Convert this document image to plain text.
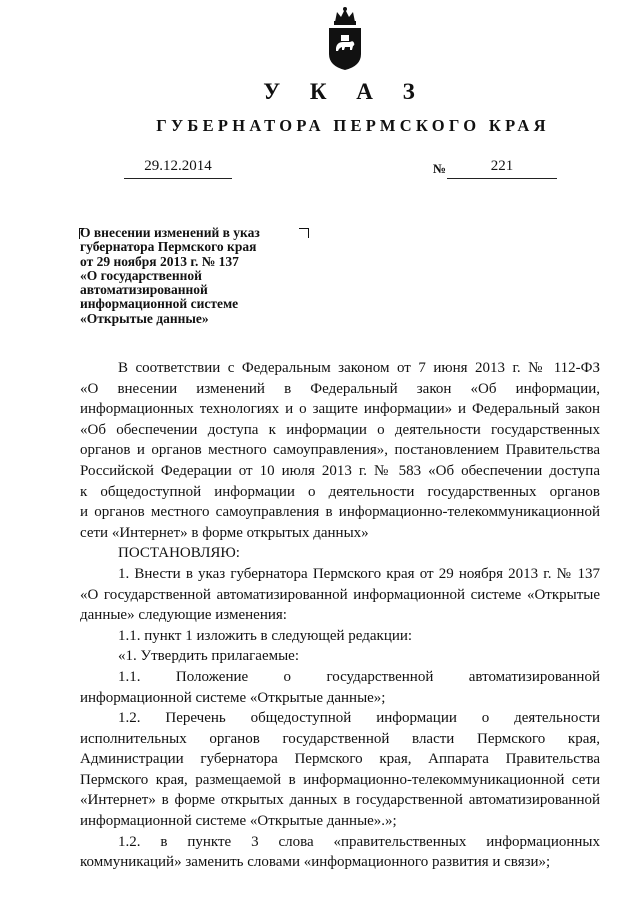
У К А З
ГУБЕРНАТОРА ПЕРМСКОГО КРАЯ
29.12.2014	№	221
О внесении изменений в указ
губернатора Пермского края
от 29 ноября 2013 г. № 137
«О государственной
автоматизированной
информационной системе
«Открытые данные»
В соответствии с Федеральным законом от 7 июня 2013 г. № 112-ФЗ
«О внесении изменений в Федеральный закон «Об информации,
информационных технологиях и о защите информации» и Федеральный закон
«Об обеспечении доступа к информации о деятельности государственных
органов и органов местного самоуправления», постановлением Правительства
Российской Федерации от 10 июля 2013 г. № 583 «Об обеспечении доступа
к общедоступной информации о деятельности государственных органов
и органов местного самоуправления в информационно-телекоммуникационной
сети «Интернет» в форме открытых данных»
ПОСТАНОВЛЯЮ:
1. Внести в указ губернатора Пермского края от 29 ноября 2013 г. № 137
«О государственной автоматизированной информационной системе «Открытые
данные» следующие изменения:
1.1. пункт 1 изложить в следующей редакции:
«1. Утвердить прилагаемые:
1.1. Положение о государственной автоматизированной
информационной системе «Открытые данные»;
1.2. Перечень общедоступной информации о деятельности
исполнительных органов государственной власти Пермского края,
Администрации губернатора Пермского края, Аппарата Правительства
Пермского края, размещаемой в информационно-телекоммуникационной сети
«Интернет» в форме открытых данных в государственной автоматизированной
информационной системе «Открытые данные».»;
1.2. в пункте 3 слова «правительственных информационных
коммуникаций» заменить словами «информационного развития и связи»;
